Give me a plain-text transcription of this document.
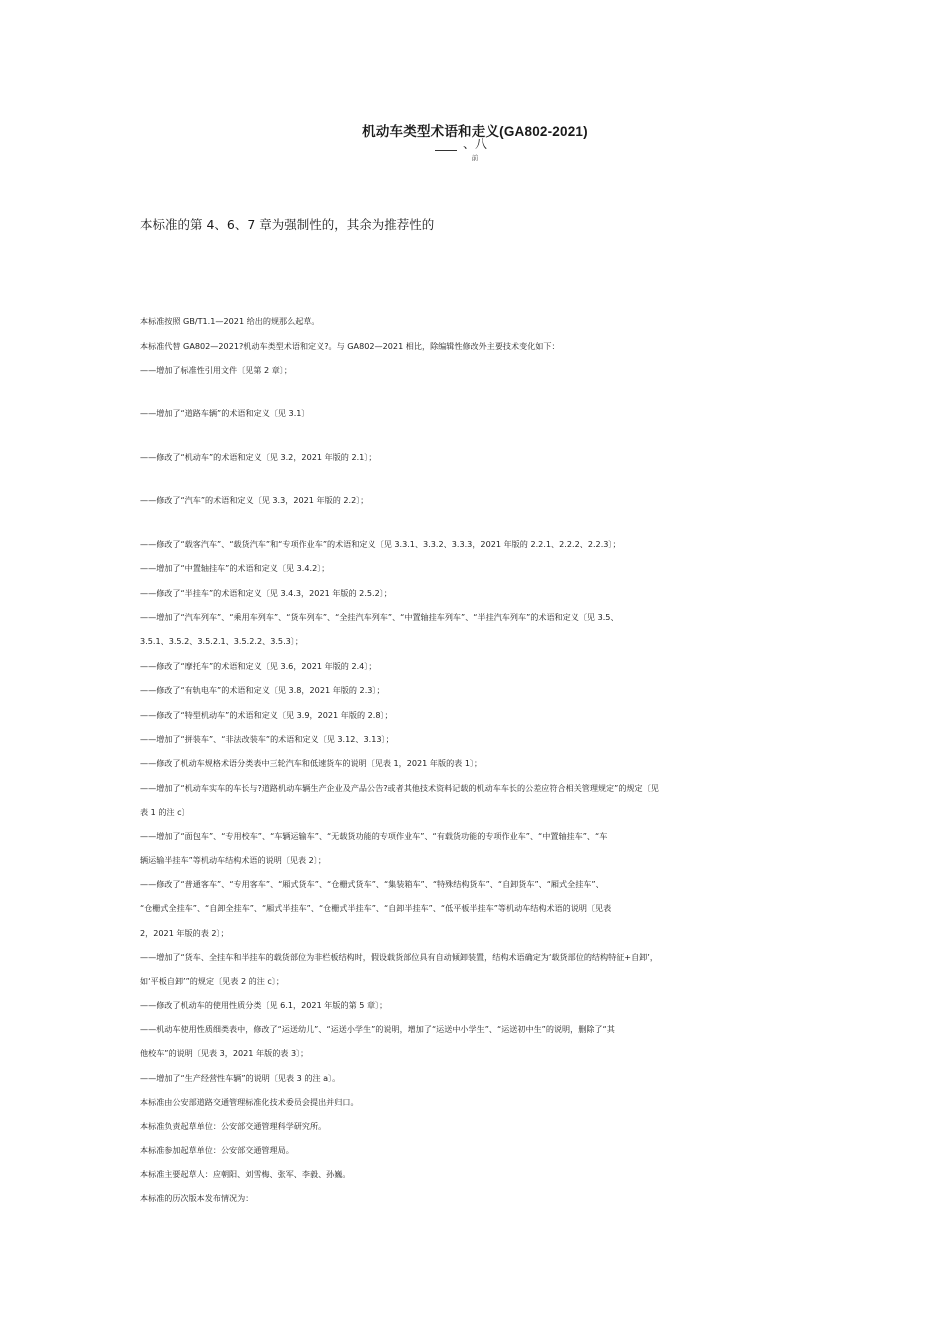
机动车类型术语和走义(GA802-2021)
、八
前
本标准的第 4、6、7 章为强制性的，其余为推荐性的
本标准按照 GB/T1.1—2021 给出的规那么起草。
本标准代替 GA802—2021?机动车类型术语和定义?。与 GA802—2021 相比，除编辑性修改外主要技术变化如下：
——增加了标准性引用文件〔见第 2 章〕；
——增加了“道路车辆”的术语和定义〔见 3.1〕
——修改了“机动车”的术语和定义〔见 3.2，2021 年版的 2.1〕；
——修改了“汽车”的术语和定义〔见 3.3，2021 年版的 2.2〕；
——修改了“载客汽车”、“载货汽车”和“专项作业车”的术语和定义〔见 3.3.1、3.3.2、3.3.3，2021 年版的 2.2.1、2.2.2、2.2.3〕；
——增加了“中置轴挂车”的术语和定义〔见 3.4.2〕；
——修改了“半挂车”的术语和定义〔见 3.4.3，2021 年版的 2.5.2〕；
——增加了“汽车列车”、“乘用车列车”、“货车列车”、“全挂汽车列车”、“中置轴挂车列车”、“半挂汽车列车”的术语和定义〔见 3.5、
3.5.1、3.5.2、3.5.2.1、3.5.2.2、3.5.3〕；
——修改了“摩托车”的术语和定义〔见 3.6，2021 年版的 2.4〕；
——修改了“有轨电车”的术语和定义〔见 3.8，2021 年版的 2.3〕；
——修改了“特型机动车”的术语和定义〔见 3.9，2021 年版的 2.8〕；
——增加了“拼装车”、“非法改装车”的术语和定义〔见 3.12、3.13〕；
——修改了机动车规格术语分类表中三轮汽车和低速货车的说明〔见表 1，2021 年版的表 1〕；
——增加了“机动车实车的车长与?道路机动车辆生产企业及产品公告?或者其他技术资料记载的机动车车长的公差应符合相关管理规定”的规定〔见
表 1 的注 c〕
——增加了“面包车”、“专用校车”、“车辆运输车”、“无载货功能的专项作业车”、“有载货功能的专项作业车”、“中置轴挂车”、“车
辆运输半挂车”等机动车结构术语的说明〔见表 2〕；
——修改了“普通客车”、“专用客车”、“厢式货车”、“仓栅式货车”、“集装箱车”、“特殊结构货车”、“自卸货车”、“厢式全挂车”、
“仓栅式全挂车”、“自卸全挂车”、“厢式半挂车”、“仓栅式半挂车”、“自卸半挂车”、“低平板半挂车”等机动车结构术语的说明〔见表
2，2021 年版的表 2〕；
——增加了“货车、全挂车和半挂车的载货部位为非栏板结构时，假设载货部位具有自动倾卸装置，结构术语确定为‘载货部位的结构特征+自卸’，
如‘平板自卸’”的规定〔见表 2 的注 c〕；
——修改了机动车的使用性质分类〔见 6.1，2021 年版的第 5 章〕；
——机动车使用性质细类表中，修改了“运送幼儿”、“运送小学生”的说明，增加了“运送中小学生”、“运送初中生”的说明，删除了“其
他校车”的说明〔见表 3，2021 年版的表 3〕；
——增加了“生产经营性车辆”的说明〔见表 3 的注 a〕。
本标准由公安部道路交通管理标准化技术委员会提出并归口。
本标准负责起草单位：公安部交通管理科学研究所。
本标准参加起草单位：公安部交通管理局。
本标准主要起草人：应朝阳、刘雪梅、张军、李毅、孙巍。
本标准的历次版本发布情况为：
